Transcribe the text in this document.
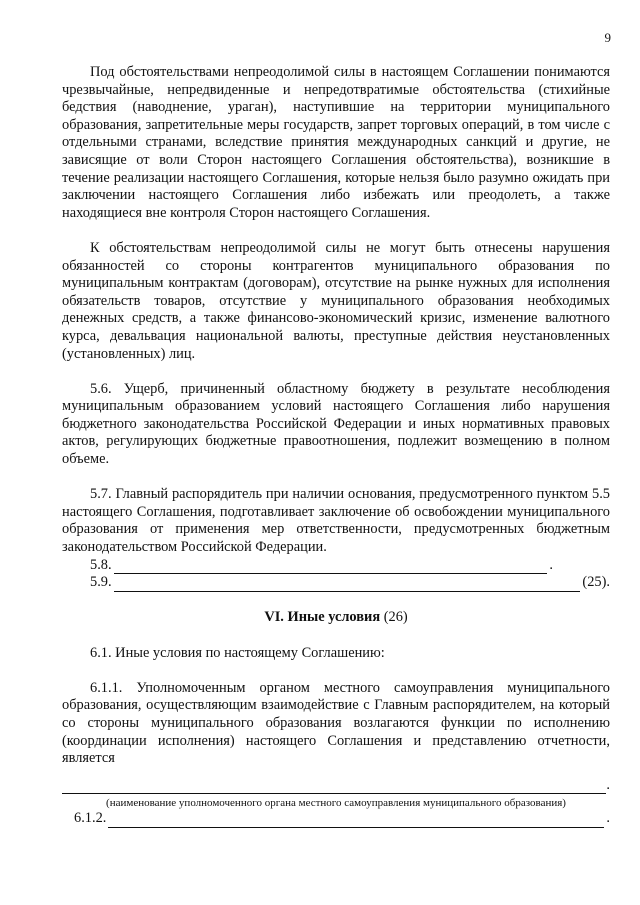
9

Под обстоятельствами непреодолимой силы в настоящем Соглашении понимаются чрезвычайные, непредвиденные и непредотвратимые обстоятельства (стихийные бедствия (наводнение, ураган), наступившие на территории муниципального образования, запретительные меры государств, запрет торговых операций, в том числе с отдельными странами, вследствие принятия международных санкций и другие, не зависящие от воли Сторон настоящего Соглашения обстоятельства), возникшие в течение реализации настоящего Соглашения, которые нельзя было разумно ожидать при заключении настоящего Соглашения либо избежать или преодолеть, а также находящиеся вне контроля Сторон настоящего Соглашения.

К обстоятельствам непреодолимой силы не могут быть отнесены нарушения обязанностей со стороны контрагентов муниципального образования по муниципальным контрактам (договорам), отсутствие на рынке нужных для исполнения обязательств товаров, отсутствие у муниципального образования необходимых денежных средств, а также финансово-экономический кризис, изменение валютного курса, девальвация национальной валюты, преступные действия неустановленных (установленных) лиц.

5.6. Ущерб, причиненный областному бюджету в результате несоблюдения муниципальным образованием условий настоящего Соглашения либо нарушения бюджетного законодательства Российской Федерации и иных нормативных правовых актов, регулирующих бюджетные правоотношения, подлежит возмещению в полном объеме.

5.7. Главный распорядитель при наличии основания, предусмотренного пунктом 5.5 настоящего Соглашения, подготавливает заключение об освобождении муниципального образования от применения мер ответственности, предусмотренных бюджетным законодательством Российской Федерации.

5.8.	.
5.9.	(25).
VI. Иные условия (26)

6.1. Иные условия по настоящему Соглашению:

6.1.1. Уполномоченным органом местного самоуправления муниципального образования, осуществляющим взаимодействие с Главным распорядителем, на который со стороны муниципального образования возлагаются функции по исполнению (координации исполнения) настоящего Соглашения и представлению отчетности, является

.
(наименование уполномоченного органа местного самоуправления муниципального образования)
6.1.2.	.
